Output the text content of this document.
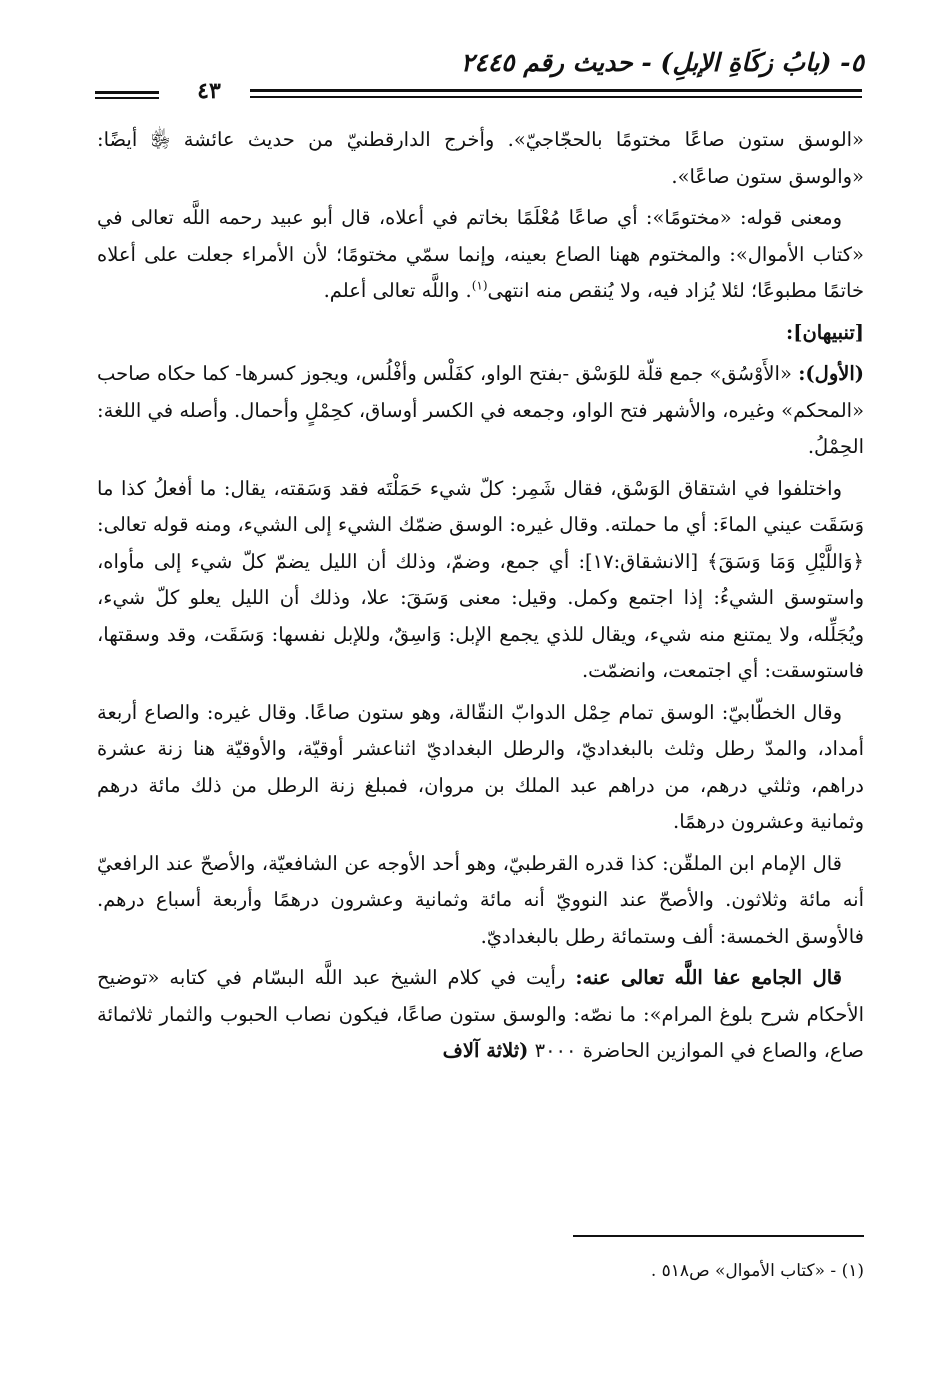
٥- (بابُ زكَاةِ الإبلِ) - حديث رقم ٢٤٤٥
٤٣

«الوسق ستون صاعًا مختومًا بالحجّاجيّ». وأخرج الدارقطنيّ من حديث عائشة ﵂ أيضًا: «والوسق ستون صاعًا».

ومعنى قوله: «مختومًا»: أي صاعًا مُعْلَمًا بخاتم في أعلاه، قال أبو عبيد رحمه اللَّه تعالى في «كتاب الأموال»: والمختوم ههنا الصاع بعينه، وإنما سمّي مختومًا؛ لأن الأمراء جعلت على أعلاه خاتمًا مطبوعًا؛ لئلا يُزاد فيه، ولا يُنقص منه انتهى$^{(١)}$. واللَّه تعالى أعلم.

[تنبيهان]:

(الأول): «الأَوْسُق» جمع قلّة للوَسْق -بفتح الواو، كفَلْس وأفْلُس، ويجوز كسرها- كما حكاه صاحب «المحكم» وغيره، والأشهر فتح الواو، وجمعه في الكسر أوساق، كحِمْلٍ وأحمال. وأصله في اللغة: الحِمْلُ.

واختلفوا في اشتقاق الوَسْق، فقال شَمِر: كلّ شيء حَمَلْتَه فقد وَسَقته، يقال: ما أفعلُ كذا ما وَسَقَت عيني الماءَ: أي ما حملته. وقال غيره: الوسق ضمّك الشيء إلى الشيء، ومنه قوله تعالى: ﴿وَاللَّيْلِ وَمَا وَسَقَ﴾ [الانشقاق:١٧]: أي جمع، وضمّ، وذلك أن الليل يضمّ كلّ شيء إلى مأواه، واستوسق الشيءُ: إذا اجتمع وكمل. وقيل: معنى وَسَقَ: علا، وذلك أن الليل يعلو كلّ شيء، ويُجَلِّله، ولا يمتنع منه شيء، ويقال للذي يجمع الإبل: وَاسِقٌ، وللإبل نفسها: وَسَقَت، وقد وسقتها، فاستوسقت: أي اجتمعت، وانضمّت.

وقال الخطّابيّ: الوسق تمام حِمْل الدوابّ النقّالة، وهو ستون صاعًا. وقال غيره: والصاع أربعة أمداد، والمدّ رطل وثلث بالبغداديّ، والرطل البغداديّ اثناعشر أوقيّة، والأوقيّة هنا زنة عشرة دراهم، وثلثي درهم، من دراهم عبد الملك بن مروان، فمبلغ زنة الرطل من ذلك مائة درهم وثمانية وعشرون درهمًا.

قال الإمام ابن الملقّن: كذا قدره القرطبيّ، وهو أحد الأوجه عن الشافعيّة، والأصحّ عند الرافعيّ أنه مائة وثلاثون. والأصحّ عند النوويّ أنه مائة وثمانية وعشرون درهمًا وأربعة أسباع درهم. فالأوسق الخمسة: ألف وستمائة رطل بالبغداديّ.

قال الجامع عفا اللَّه تعالى عنه: رأيت في كلام الشيخ عبد اللَّه البسّام في كتابه «توضيح الأحكام شرح بلوغ المرام»: ما نصّه: والوسق ستون صاعًا، فيكون نصاب الحبوب والثمار ثلاثمائة صاع، والصاع في الموازين الحاضرة ٣٠٠٠ (ثلاثة آلاف

(١) - «كتاب الأموال» ص٥١٨ .
